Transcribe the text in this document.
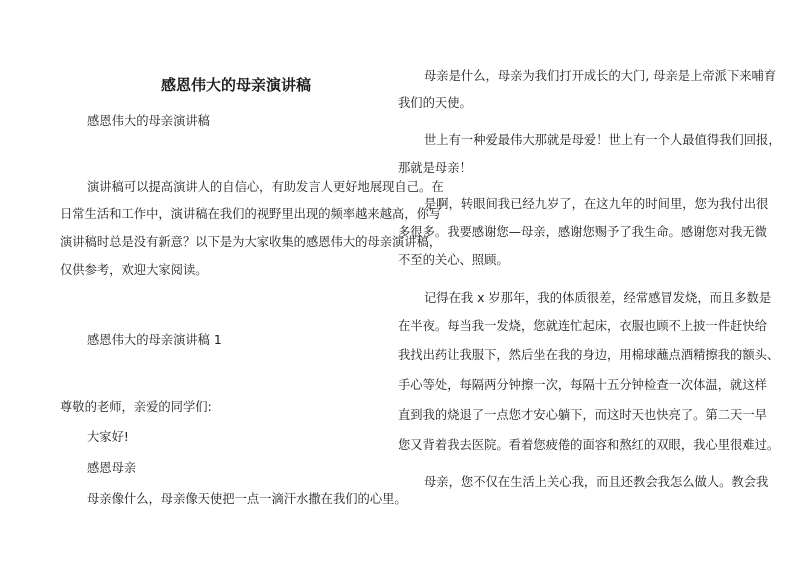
感恩伟大的母亲演讲稿
感恩伟大的母亲演讲稿
演讲稿可以提高演讲人的自信心，有助发言人更好地展现自己。在
日常生活和工作中，演讲稿在我们的视野里出现的频率越来越高，你写
演讲稿时总是没有新意？以下是为大家收集的感恩伟大的母亲演讲稿，
仅供参考，欢迎大家阅读。
感恩伟大的母亲演讲稿 1
尊敬的老师，亲爱的同学们:
大家好!
感恩母亲
母亲像什么，母亲像天使把一点一滴汗水撒在我们的心里。
母亲是什么，母亲为我们打开成长的大门, 母亲是上帝派下来哺育
我们的天使。
世上有一种爱最伟大那就是母爱！世上有一个人最值得我们回报，
那就是母亲！
是啊，转眼间我已经九岁了，在这九年的时间里，您为我付出很
多很多。我要感谢您—母亲，感谢您赐予了我生命。感谢您对我无微
不至的关心、照顾。
记得在我 x 岁那年，我的体质很差，经常感冒发烧，而且多数是
在半夜。每当我一发烧，您就连忙起床，衣服也顾不上披一件赶快给
我找出药让我服下，然后坐在我的身边，用棉球蘸点酒精擦我的额头、
手心等处，每隔两分钟擦一次，每隔十五分钟检查一次体温，就这样
直到我的烧退了一点您才安心躺下，而这时天也快亮了。第二天一早
您又背着我去医院。看着您疲倦的面容和熬红的双眼，我心里很难过。
母亲，您不仅在生活上关心我，而且还教会我怎么做人。教会我
